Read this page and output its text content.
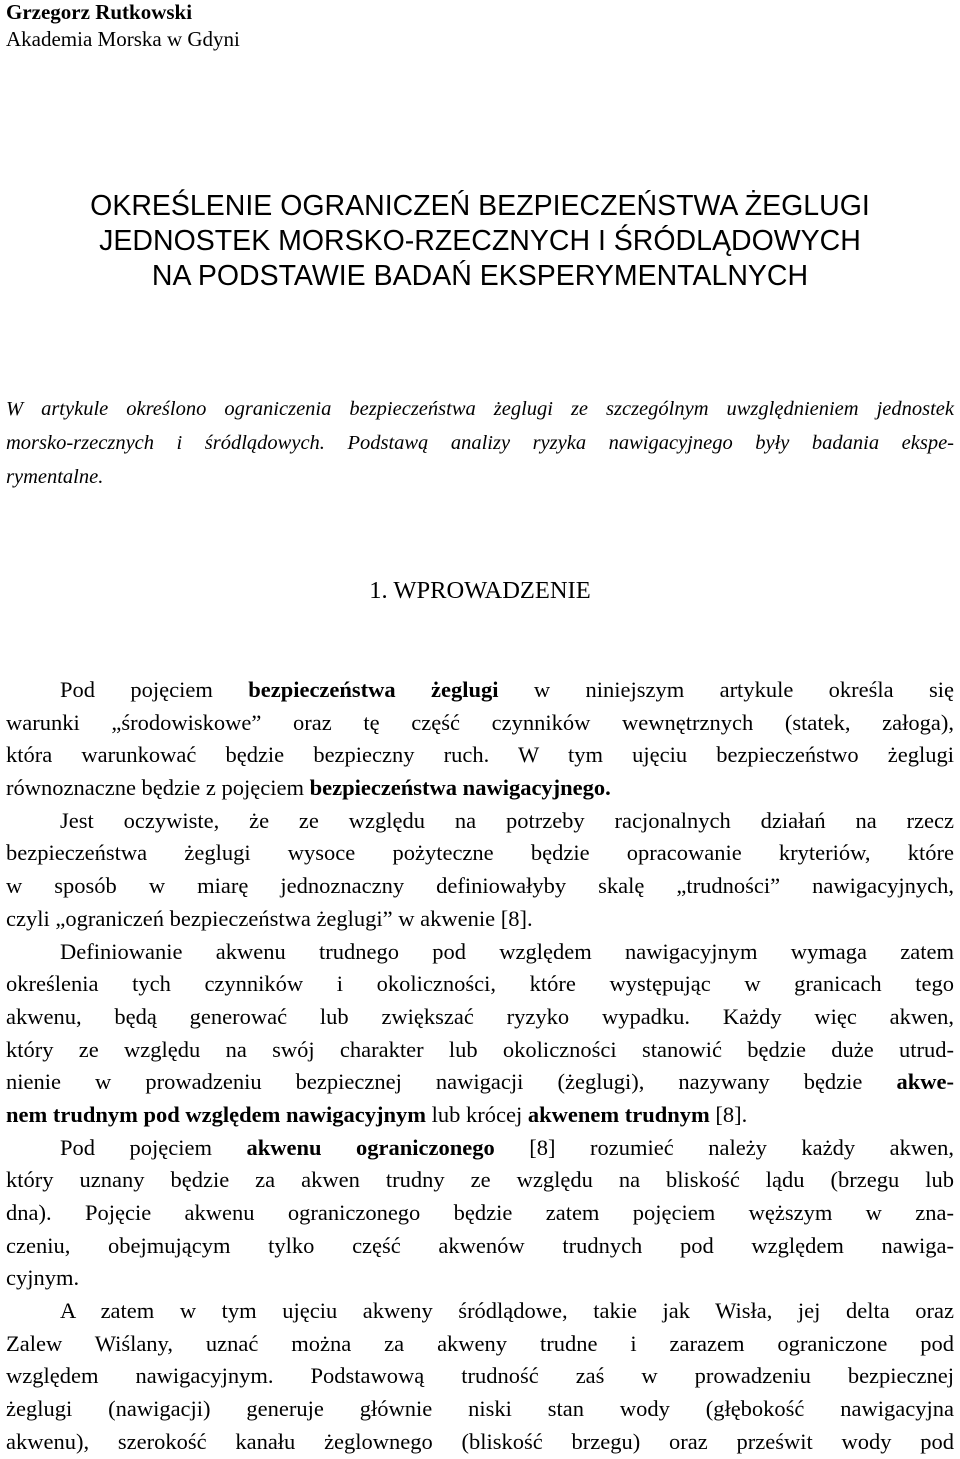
Grzegorz Rutkowski
Akademia Morska w Gdyni
OKREŚLENIE OGRANICZEŃ BEZPIECZEŃSTWA ŻEGLUGI
JEDNOSTEK MORSKO-RZECZNYCH I ŚRÓDLĄDOWYCH
NA PODSTAWIE BADAŃ EKSPERYMENTALNYCH
W artykule określono ograniczenia bezpieczeństwa żeglugi ze szczególnym uwzględnieniem jednostek
morsko-rzecznych i śródlądowych. Podstawą analizy ryzyka nawigacyjnego były badania ekspe-
rymentalne.
1. WPROWADZENIE
Pod pojęciem bezpieczeństwa żeglugi w niniejszym artykule określa się
warunki „środowiskowe” oraz tę część czynników wewnętrznych (statek, załoga),
która warunkować będzie bezpieczny ruch. W tym ujęciu bezpieczeństwo żeglugi
równoznaczne będzie z pojęciem bezpieczeństwa nawigacyjnego.
Jest oczywiste, że ze względu na potrzeby racjonalnych działań na rzecz
bezpieczeństwa żeglugi wysoce pożyteczne będzie opracowanie kryteriów, które
w sposób w miarę jednoznaczny definiowałyby skalę „trudności” nawigacyjnych,
czyli „ograniczeń bezpieczeństwa żeglugi” w akwenie [8].
Definiowanie akwenu trudnego pod względem nawigacyjnym wymaga zatem
określenia tych czynników i okoliczności, które występując w granicach tego
akwenu, będą generować lub zwiększać ryzyko wypadku. Każdy więc akwen,
który ze względu na swój charakter lub okoliczności stanowić będzie duże utrud-
nienie w prowadzeniu bezpiecznej nawigacji (żeglugi), nazywany będzie akwe-
nem trudnym pod względem nawigacyjnym lub krócej akwenem trudnym [8].
Pod pojęciem akwenu ograniczonego [8] rozumieć należy każdy akwen,
który uznany będzie za akwen trudny ze względu na bliskość lądu (brzegu lub
dna). Pojęcie akwenu ograniczonego będzie zatem pojęciem węższym w zna-
czeniu, obejmującym tylko część akwenów trudnych pod względem nawiga-
cyjnym.
A zatem w tym ujęciu akweny śródlądowe, takie jak Wisła, jej delta oraz
Zalew Wiślany, uznać można za akweny trudne i zarazem ograniczone pod
względem nawigacyjnym. Podstawową trudność zaś w prowadzeniu bezpiecznej
żeglugi (nawigacji) generuje głównie niski stan wody (głębokość nawigacyjna
akwenu), szerokość kanału żeglownego (bliskość brzegu) oraz prześwit wody pod
